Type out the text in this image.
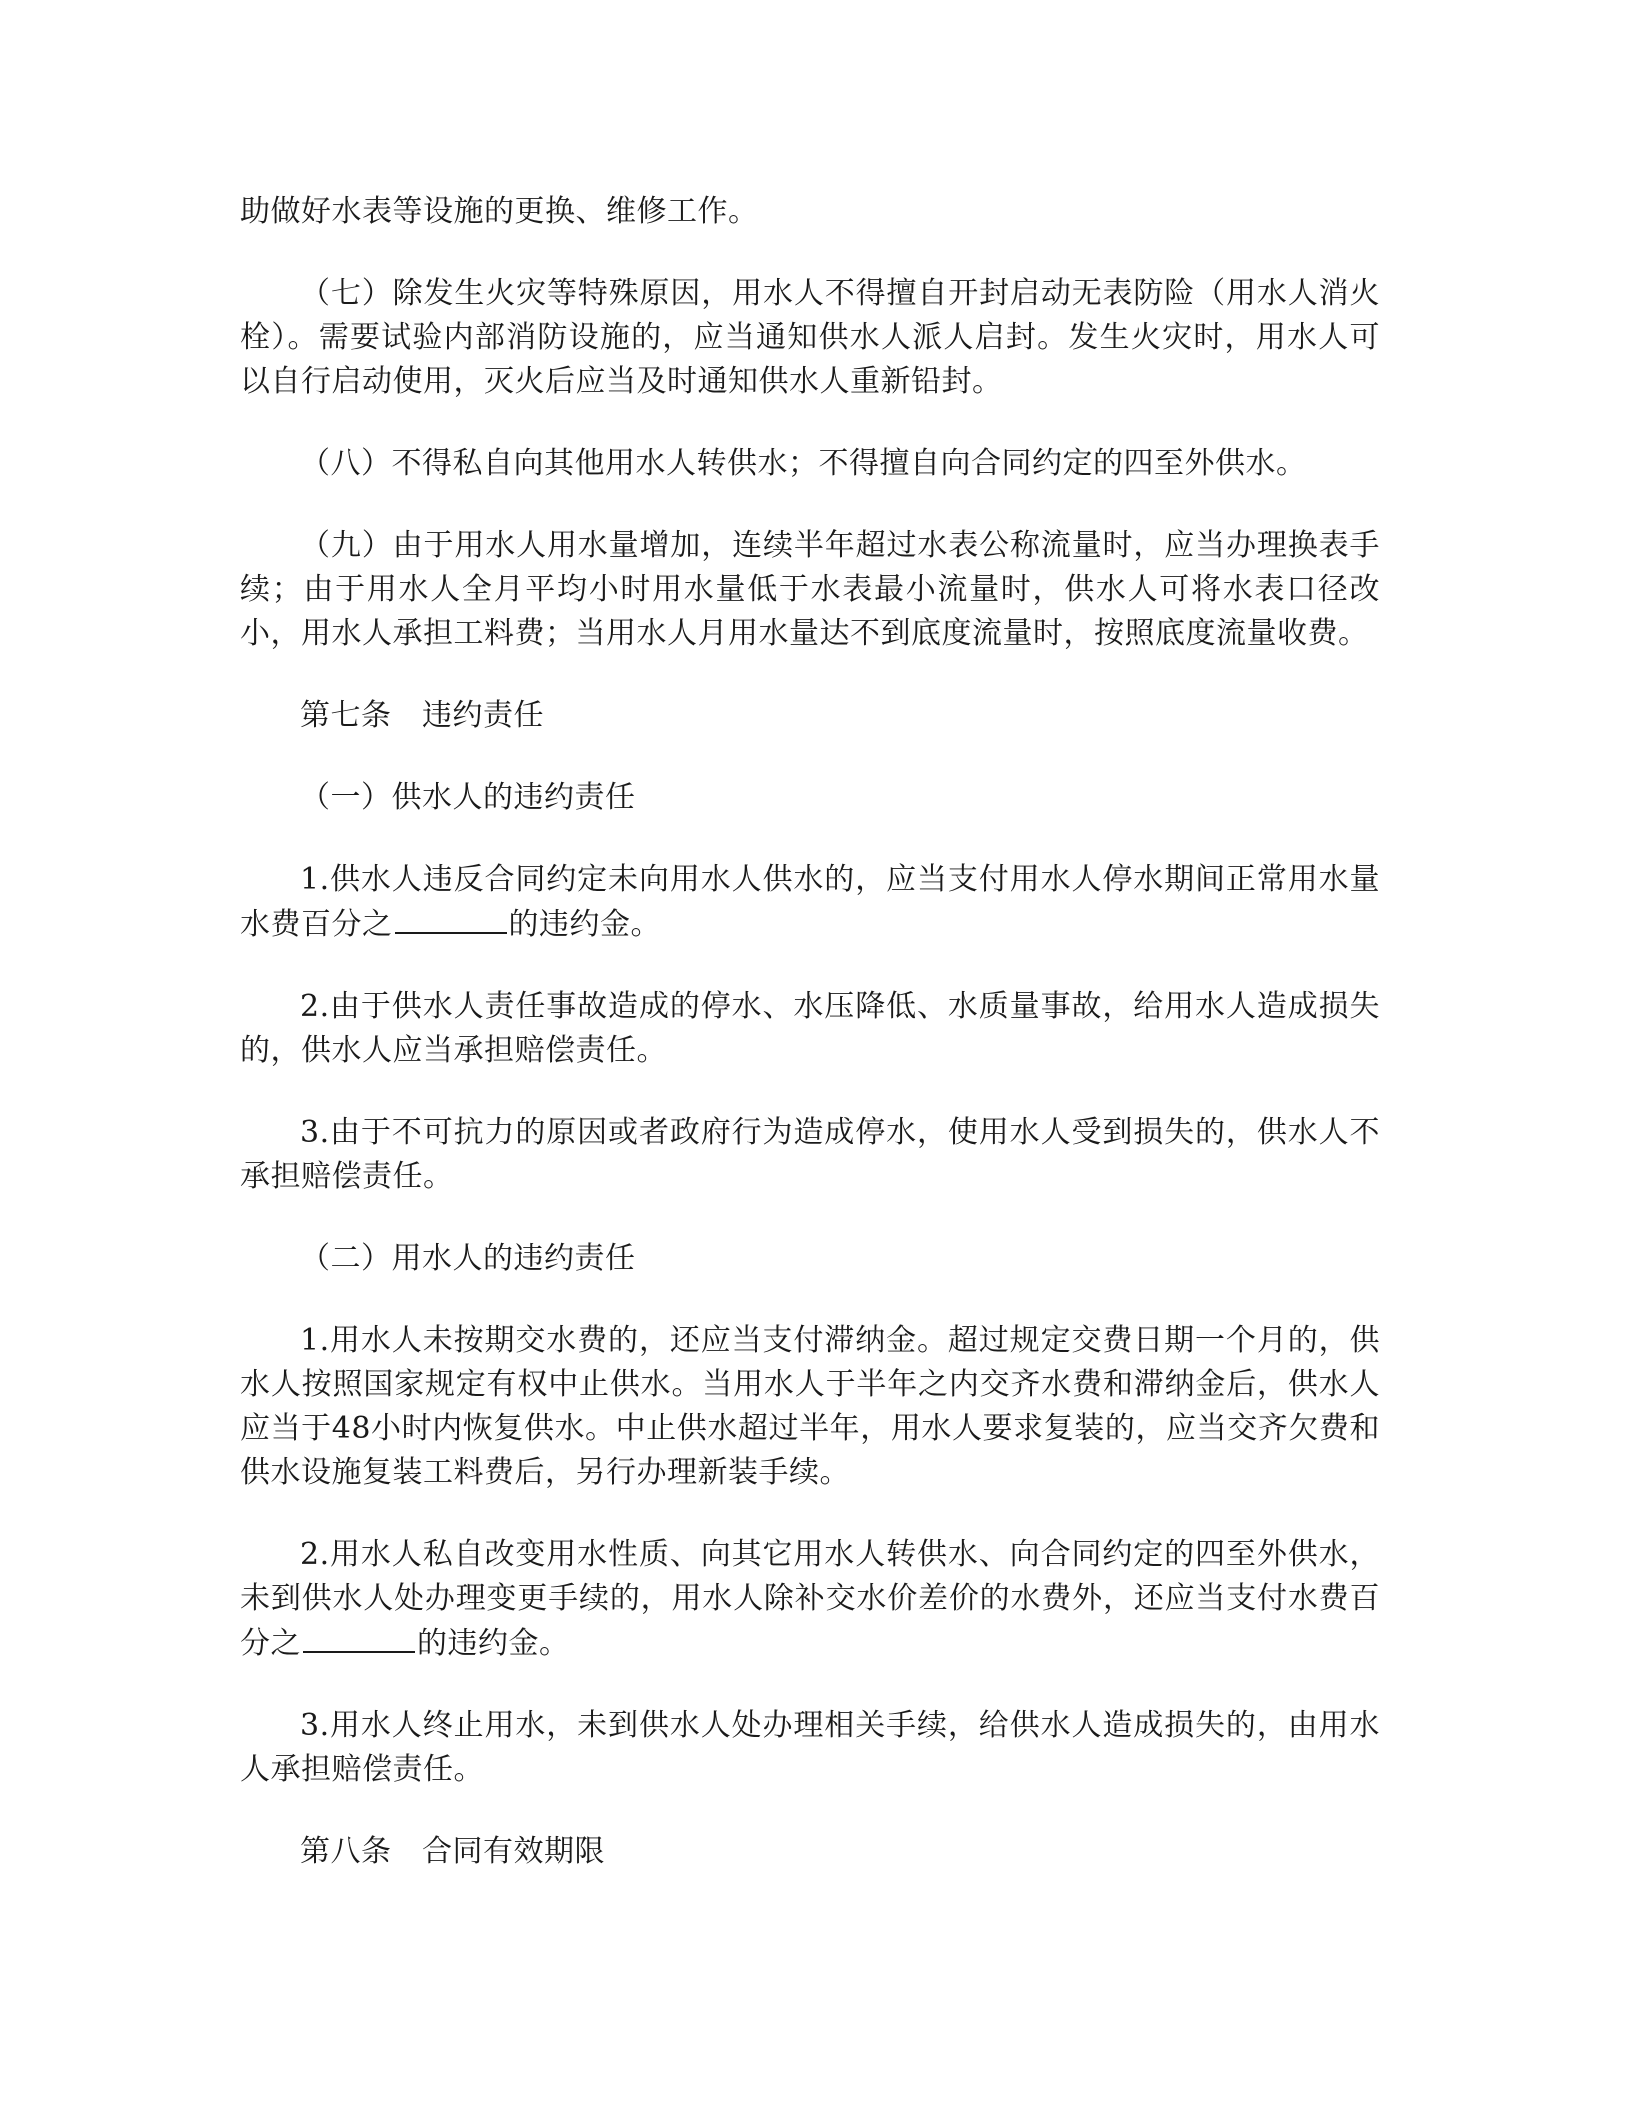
助做好水表等设施的更换、维修工作。

（七）除发生火灾等特殊原因，用水人不得擅自开封启动无表防险（用水人消火栓）。需要试验内部消防设施的，应当通知供水人派人启封。发生火灾时，用水人可以自行启动使用，灭火后应当及时通知供水人重新铅封。

（八）不得私自向其他用水人转供水；不得擅自向合同约定的四至外供水。

（九）由于用水人用水量增加，连续半年超过水表公称流量时，应当办理换表手续；由于用水人全月平均小时用水量低于水表最小流量时，供水人可将水表口径改小，用水人承担工料费；当用水人月用水量达不到底度流量时，按照底度流量收费。

第七条　违约责任

（一）供水人的违约责任

1.供水人违反合同约定未向用水人供水的，应当支付用水人停水期间正常用水量水费百分之	的违约金。

2.由于供水人责任事故造成的停水、水压降低、水质量事故，给用水人造成损失的，供水人应当承担赔偿责任。

3.由于不可抗力的原因或者政府行为造成停水，使用水人受到损失的，供水人不承担赔偿责任。

（二）用水人的违约责任

1.用水人未按期交水费的，还应当支付滞纳金。超过规定交费日期一个月的，供水人按照国家规定有权中止供水。当用水人于半年之内交齐水费和滞纳金后，供水人应当于48小时内恢复供水。中止供水超过半年，用水人要求复装的，应当交齐欠费和供水设施复装工料费后，另行办理新装手续。

2.用水人私自改变用水性质、向其它用水人转供水、向合同约定的四至外供水，未到供水人处办理变更手续的，用水人除补交水价差价的水费外，还应当支付水费百分之	的违约金。

3.用水人终止用水，未到供水人处办理相关手续，给供水人造成损失的，由用水人承担赔偿责任。

第八条　合同有效期限
